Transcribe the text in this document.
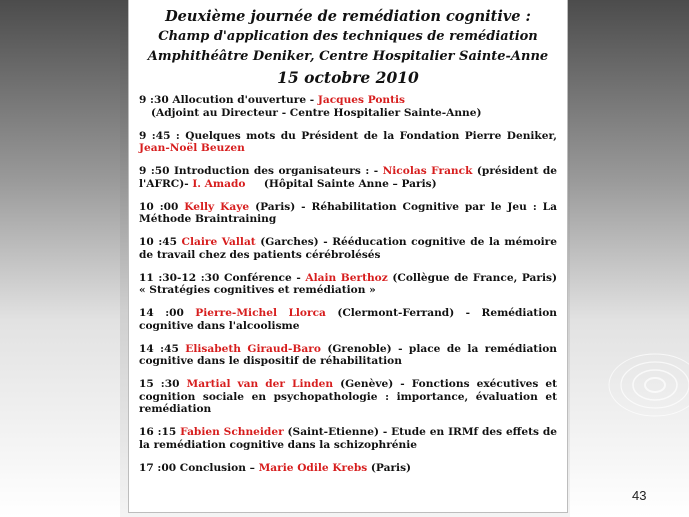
Deuxième journée de remédiation cognitive :
Champ d'application des techniques de remédiation
Amphithéâtre Deniker, Centre Hospitalier Sainte-Anne
15 octobre 2010
9 :30 Allocution d'ouverture - Jacques Pontis
(Adjoint au Directeur - Centre Hospitalier Sainte-Anne)
9 :45 : Quelques mots du Président de la Fondation Pierre Deniker, Jean-Noël Beuzen
9 :50 Introduction des organisateurs : - Nicolas Franck (président de l'AFRC)- I. Amado     (Hôpital Sainte Anne – Paris)
10 :00 Kelly Kaye (Paris) - Réhabilitation Cognitive par le Jeu : La Méthode Braintraining
10 :45 Claire Vallat (Garches) - Rééducation cognitive de la mémoire de travail chez des patients cérébrolésés
11 :30-12 :30 Conférence - Alain Berthoz (Collègue de France, Paris) « Stratégies cognitives et remédiation »
14 :00 Pierre-Michel Llorca (Clermont-Ferrand) - Remédiation cognitive dans l'alcoolisme
14 :45 Elisabeth Giraud-Baro (Grenoble) - place de la remédiation cognitive dans le dispositif de réhabilitation
15 :30 Martial van der Linden (Genève) - Fonctions exécutives et cognition sociale en psychopathologie : importance, évaluation et remédiation
16 :15 Fabien Schneider (Saint-Etienne) - Etude en IRMf des effets de la remédiation cognitive dans la schizophrénie
17 :00 Conclusion – Marie Odile Krebs (Paris)
43
